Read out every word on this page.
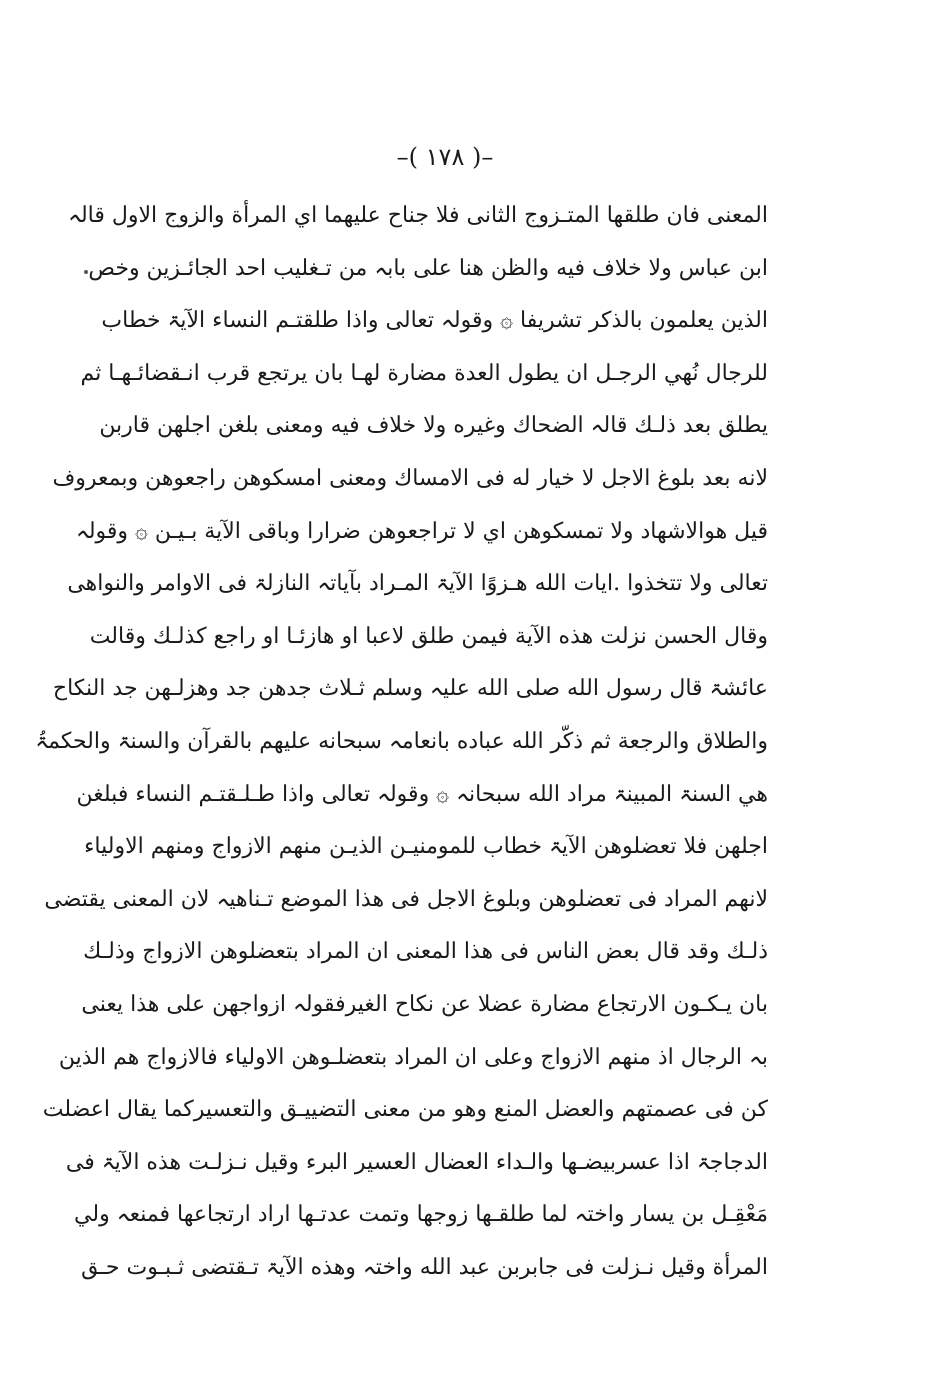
–( ۱۷۸ )–
المعنى فان طلقها المتـزوج الثانى فلا جناح عليهما اي المرأة والزوج الاول قالہ
ابن عباس ولا خلاف فيه والظن هنا على بابہ من تـغليب احد الجائـزين وخص
الذين يعلمون بالذكر تشريفا ۞ وقولہ تعالى واذا طلقتـم النساء الآيۃ خطاب
للرجال نُهي الرجـل ان يطول العدة مضارة لهـا بان يرتجع قرب انـقضائـهـا ثم
يطلق بعد ذلـك قالہ الضحاك وغيره ولا خلاف فيه ومعنى بلغن اجلهن قاربن
لانه بعد بلوغ الاجل لا خيار له فى الامساك ومعنى امسكوهن راجعوهن وبمعروف
قيل هوالاشهاد ولا تمسكوهن اي لا تراجعوهن ضرارا وباقى الآية بـيـن ۞ وقولہ
تعالى ولا تتخذوا .ايات الله هـزوًا الآيۃ المـراد بآياتہ النازلۃ فى الاوامر والنواهى
وقال الحسن نزلت هذه الآية فيمن طلق لاعبا او هازئـا او راجع كذلـك وقالت
عائشۃ قال رسول الله صلى الله عليہ وسلم ثـلاث جدهن جد وهزلـهن جد النكاح
والطلاق والرجعة ثم ذكّر الله عباده بانعامہ سبحانه عليهم بالقرآن والسنۃ والحكمۃُ
هي السنۃ المبينۃ مراد الله سبحانہ ۞ وقولہ تعالى واذا طـلـقتـم النساء فبلغن
اجلهن فلا تعضلوهن الآيۃ خطاب للمومنيـن الذيـن منهم الازواج ومنهم الاولياء
لانهم المراد فى تعضلوهن وبلوغ الاجل فى هذا الموضع تـناهيہ لان المعنى يقتضى
ذلـك وقد قال بعض الناس فى هذا المعنى ان المراد بتعضلوهن الازواج وذلـك
بان يـكـون الارتجاع مضارة عضلا عن نكاح الغيرفقولہ ازواجهن على هذا يعنى
بہ الرجال اذ منهم الازواج وعلى ان المراد بتعضلـوهن الاولياء فالازواج هم الذين
كن فى عصمتهم والعضل المنع وهو من معنى التضييـق والتعسيركما يقال اعضلت
الدجاجۃ اذا عسربيضـها والـداء العضال العسير البرء وقيل نـزلـت هذه الآيۃ فى
مَعْقِـل بن يسار واختہ لما طلقـها زوجها وتمت عدتـها اراد ارتجاعها فمنعہ ولي
المرأة وقيل نـزلت فى جابربن عبد الله واختہ وهذه الآيۃ تـقتضى ثـبـوت حـق
